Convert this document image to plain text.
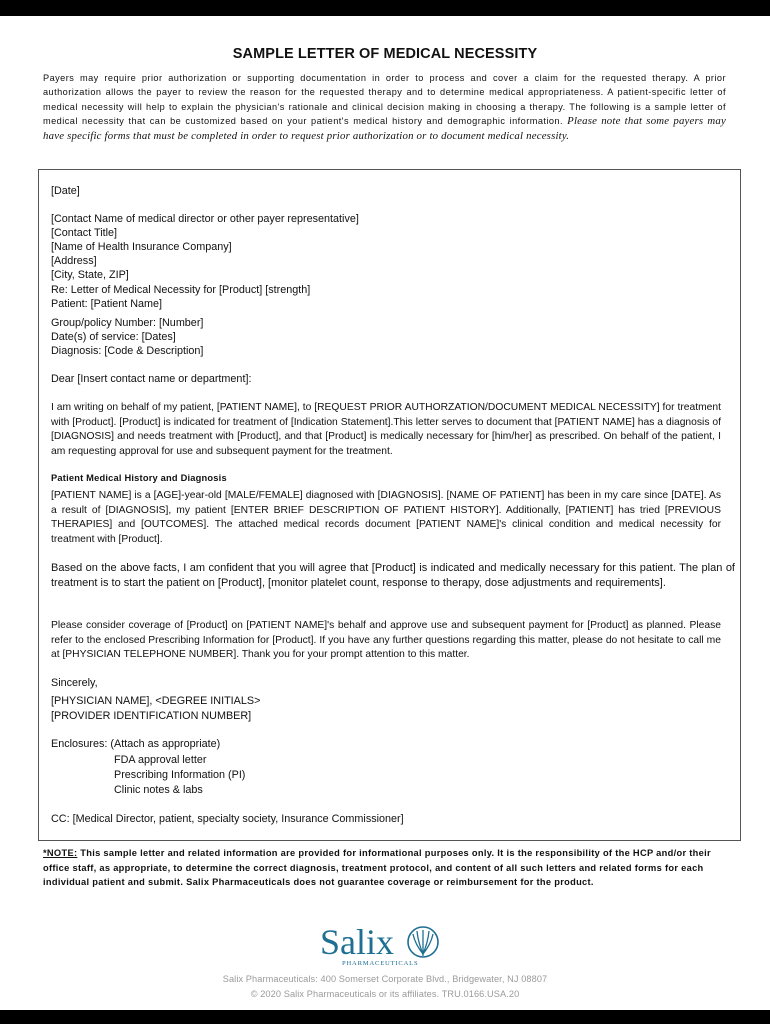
SAMPLE LETTER OF MEDICAL NECESSITY
Payers may require prior authorization or supporting documentation in order to process and cover a claim for the requested therapy. A prior authorization allows the payer to review the reason for the requested therapy and to determine medical appropriateness. A patient-specific letter of medical necessity will help to explain the physician's rationale and clinical decision making in choosing a therapy. The following is a sample letter of medical necessity that can be customized based on your patient's medical history and demographic information. Please note that some payers may have specific forms that must be completed in order to request prior authorization or to document medical necessity.
[Date]
[Contact Name of medical director or other payer representative]
[Contact Title]
[Name of Health Insurance Company]
[Address]
[City, State, ZIP]
Re: Letter of Medical Necessity for [Product] [strength]
Patient: [Patient Name]
Group/policy Number: [Number]
Date(s) of service: [Dates]
Diagnosis: [Code & Description]
Dear [Insert contact name or department]:
I am writing on behalf of my patient, [PATIENT NAME], to [REQUEST PRIOR AUTHORZATION/DOCUMENT MEDICAL NECESSITY] for treatment with [Product]. [Product] is indicated for treatment of [Indication Statement].This letter serves to document that [PATIENT NAME] has a diagnosis of [DIAGNOSIS] and needs treatment with [Product], and that [Product] is medically necessary for [him/her] as prescribed. On behalf of the patient, I am requesting approval for use and subsequent payment for the treatment.
Patient Medical History and Diagnosis
[PATIENT NAME] is a [AGE]-year-old [MALE/FEMALE] diagnosed with [DIAGNOSIS]. [NAME OF PATIENT] has been in my care since [DATE]. As a result of [DIAGNOSIS], my patient [ENTER BRIEF DESCRIPTION OF PATIENT HISTORY]. Additionally, [PATIENT] has tried [PREVIOUS THERAPIES] and [OUTCOMES]. The attached medical records document [PATIENT NAME]'s clinical condition and medical necessity for treatment with [Product].
Based on the above facts, I am confident that you will agree that [Product] is indicated and medically necessary for this patient. The plan of treatment is to start the patient on [Product], [monitor platelet count, response to therapy, dose adjustments and requirements].
Please consider coverage of [Product] on [PATIENT NAME]'s behalf and approve use and subsequent payment for [Product] as planned. Please refer to the enclosed Prescribing Information for [Product]. If you have any further questions regarding this matter, please do not hesitate to call me at [PHYSICIAN TELEPHONE NUMBER]. Thank you for your prompt attention to this matter.
Sincerely,
[PHYSICIAN NAME], <DEGREE INITIALS>
[PROVIDER IDENTIFICATION NUMBER]
Enclosures: (Attach as appropriate)
FDA approval letter
Prescribing Information (PI)
Clinic notes & labs
CC: [Medical Director, patient, specialty society, Insurance Commissioner]
*NOTE: This sample letter and related information are provided for informational purposes only. It is the responsibility of the HCP and/or their office staff, as appropriate, to determine the correct diagnosis, treatment protocol, and content of all such letters and related forms for each individual patient and submit. Salix Pharmaceuticals does not guarantee coverage or reimbursement for the product.
Salix
PHARMACEUTICALS
Salix Pharmaceuticals: 400 Somerset Corporate Blvd., Bridgewater, NJ 08807
© 2020 Salix Pharmaceuticals or its affiliates. TRU.0166.USA.20
